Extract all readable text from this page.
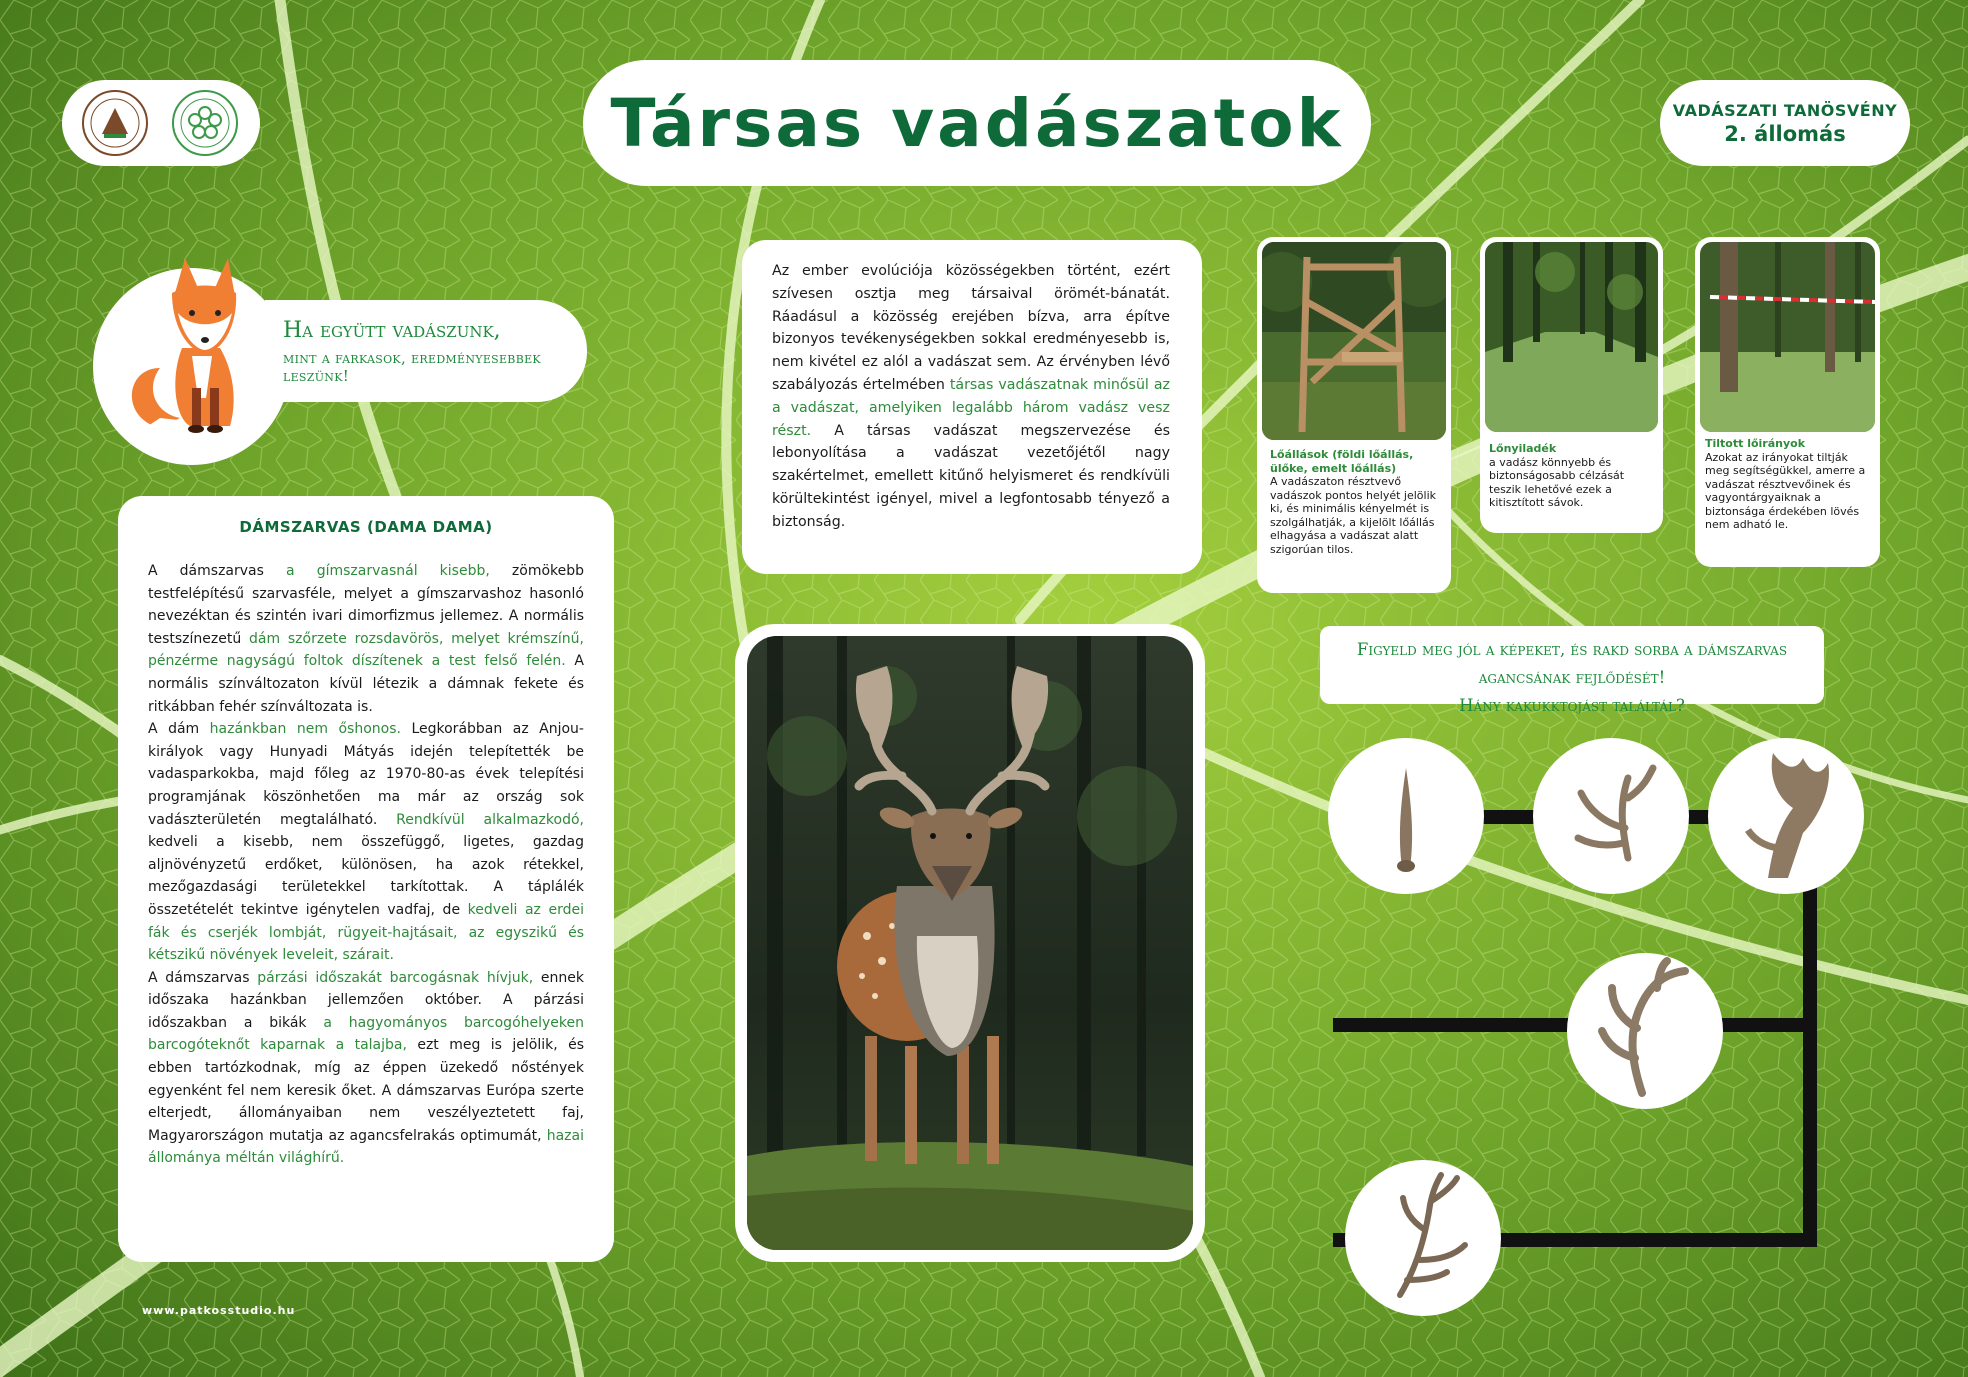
Társas vadászatok	VADÁSZATI TANÖSVÉNY
2. állomás
Ha együtt vadászunk,
mint a farkasok, eredményesebbek leszünk!
DÁMSZARVAS (DAMA DAMA)

A dámszarvas a gímszarvasnál kisebb, zömökebb testfelépítésű szarvasféle, melyet a gímszarvashoz hasonló nevezéktan és szintén ivari dimorfizmus jellemez. A normális testszínezetű dám szőrzete rozsdavörös, melyet krémszínű, pénzérme nagyságú foltok díszítenek a test felső felén. A normális színváltozaton kívül létezik a dámnak fekete és ritkábban fehér színváltozata is.

A dám hazánkban nem őshonos. Legkorábban az Anjou-királyok vagy Hunyadi Mátyás idején telepítették be vadasparkokba, majd főleg az 1970-80-as évek telepítési programjának köszönhetően ma már az ország sok vadászterületén megtalálható. Rendkívül alkalmazkodó, kedveli a kisebb, nem összefüggő, ligetes, gazdag aljnövényzetű erdőket, különösen, ha azok rétekkel, mezőgazdasági területekkel tarkítottak. A táplálék összetételét tekintve igénytelen vadfaj, de kedveli az erdei fák és cserjék lombját, rügyeit-hajtásait, az egyszikű és kétszikű növények leveleit, szárait.

A dámszarvas párzási időszakát barcogásnak hívjuk, ennek időszaka hazánkban jellemzően október. A párzási időszakban a bikák a hagyományos barcogóhelyeken barcogóteknőt kaparnak a talajba, ezt meg is jelölik, és ebben tartózkodnak, míg az éppen üzekedő nőstények egyenként fel nem keresik őket. A dámszarvas Európa szerte elterjedt, állományaiban nem veszélyeztetett faj, Magyarországon mutatja az agancsfelrakás optimumát, hazai állománya méltán világhírű.

Az ember evolúciója közösségekben történt, ezért szívesen osztja meg társaival örömét-bánatát. Ráadásul a közösség erejében bízva, arra építve bizonyos tevékenységekben sokkal eredményesebb is, nem kivétel ez alól a vadászat sem. Az érvényben lévő szabályozás értelmében társas vadászatnak minősül az a vadászat, amelyiken legalább három vadász vesz részt. A társas vadászat megszervezése és lebonyolítása a vadászat vezetőjétől nagy szakértelmet, emellett kitűnő helyismeret és rendkívüli körültekintést igényel, mivel a legfontosabb tényező a biztonság.
Lőállások (földi lőállás, ülőke, emelt lőállás)
A vadászaton résztvevő vadászok pontos helyét jelölik ki, és minimális kényelmét is szolgálhatják, a kijelölt lőállás elhagyása a vadászat alatt szigorúan tilos.
Lőnyiladék
a vadász könnyebb és biztonságosabb célzását teszik lehetővé ezek a kitisztított sávok.
Tiltott lőirányok
Azokat az irányokat tiltják meg segítségükkel, amerre a vadászat résztvevőinek és vagyontárgyaiknak a biztonsága érdekében lövés nem adható le.
Figyeld meg jól a képeket, és rakd sorba a dámszarvas agancsának fejlődését!
Hány kakukktojást találtál?
www.patkosstudio.hu
